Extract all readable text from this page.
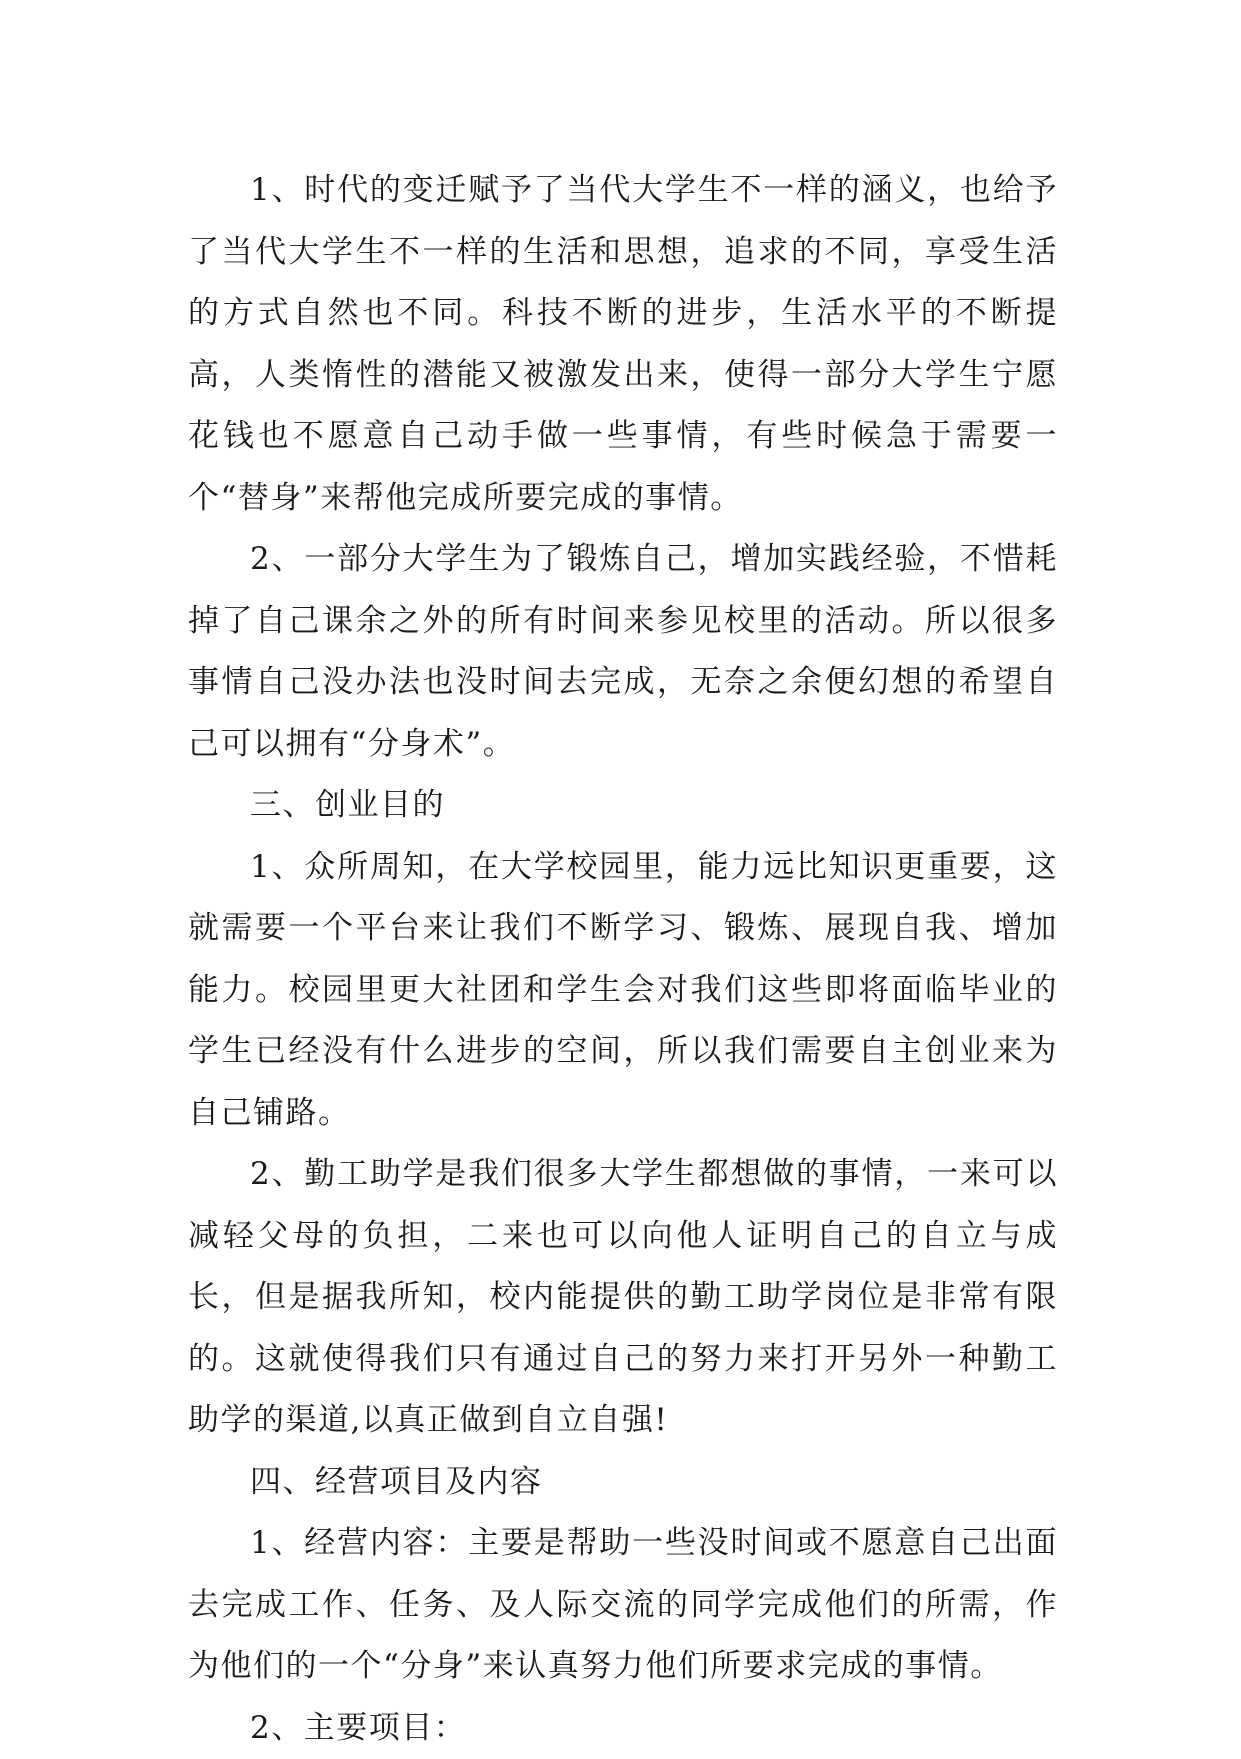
1、时代的变迁赋予了当代大学生不一样的涵义，也给予了当代大学生不一样的生活和思想，追求的不同，享受生活的方式自然也不同。科技不断的进步，生活水平的不断提高，人类惰性的潜能又被激发出来，使得一部分大学生宁愿花钱也不愿意自己动手做一些事情，有些时候急于需要一个“替身”来帮他完成所要完成的事情。

2、一部分大学生为了锻炼自己，增加实践经验，不惜耗掉了自己课余之外的所有时间来参见校里的活动。所以很多事情自己没办法也没时间去完成，无奈之余便幻想的希望自己可以拥有“分身术”。

三、创业目的

1、众所周知，在大学校园里，能力远比知识更重要，这就需要一个平台来让我们不断学习、锻炼、展现自我、增加能力。校园里更大社团和学生会对我们这些即将面临毕业的学生已经没有什么进步的空间，所以我们需要自主创业来为自己铺路。

2、勤工助学是我们很多大学生都想做的事情，一来可以减轻父母的负担，二来也可以向他人证明自己的自立与成长，但是据我所知，校内能提供的勤工助学岗位是非常有限的。这就使得我们只有通过自己的努力来打开另外一种勤工助学的渠道,以真正做到自立自强!

四、经营项目及内容

1、经营内容：主要是帮助一些没时间或不愿意自己出面去完成工作、任务、及人际交流的同学完成他们的所需，作为他们的一个“分身”来认真努力他们所要求完成的事情。

2、主要项目：
